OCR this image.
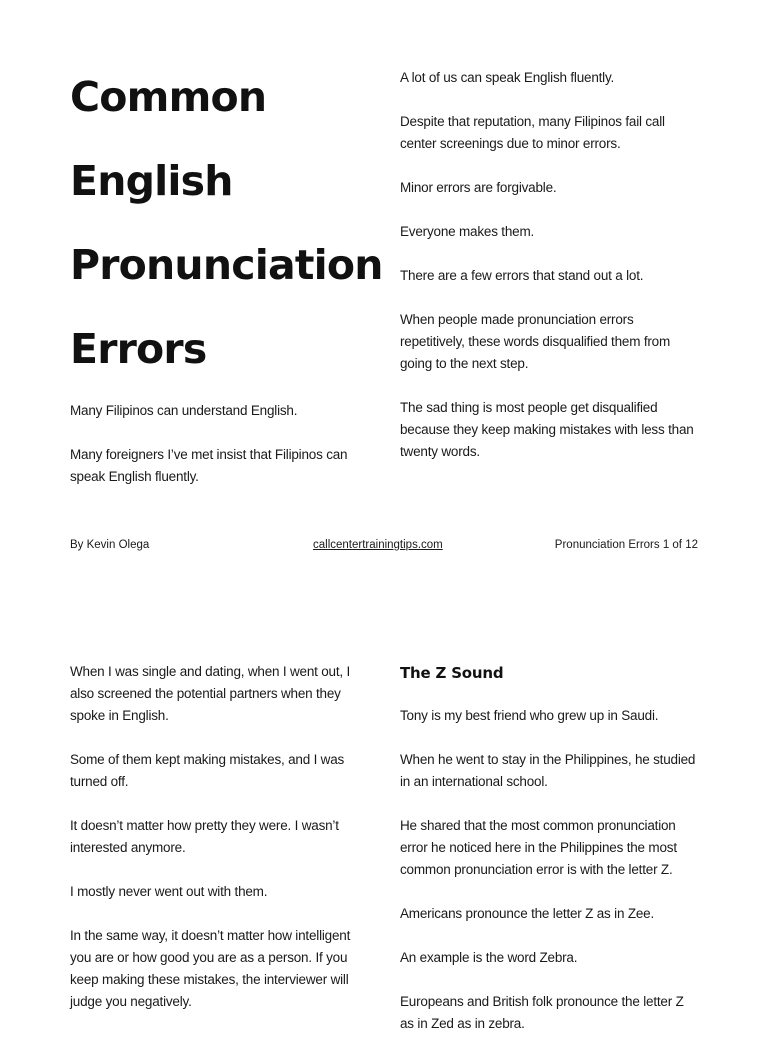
Common
English
Pronunciation
Errors

Many Filipinos can understand English.

Many foreigners I’ve met insist that Filipinos can speak English fluently.

A lot of us can speak English fluently.

Despite that reputation, many Filipinos fail call center screenings due to minor errors.

Minor errors are forgivable.

Everyone makes them.

There are a few errors that stand out a lot.

When people made pronunciation errors repetitively, these words disqualified them from going to the next step.

The sad thing is most people get disqualified because they keep making mistakes with less than twenty words.

By Kevin Olega	callcentertrainingtips.com	Pronunciation Errors 1 of 12

When I was single and dating, when I went out, I also screened the potential partners when they spoke in English.

Some of them kept making mistakes, and I was turned off.

It doesn’t matter how pretty they were. I wasn’t interested anymore.

I mostly never went out with them.

In the same way, it doesn’t matter how intelligent you are or how good you are as a person. If you keep making these mistakes, the interviewer will judge you negatively.

The Z Sound

Tony is my best friend who grew up in Saudi.

When he went to stay in the Philippines, he studied in an international school.

He shared that the most common pronunciation error he noticed here in the Philippines the most common pronunciation error is with the letter Z.

Americans pronounce the letter Z as in Zee.

An example is the word Zebra.

Europeans and British folk pronounce the letter Z as in Zed as in zebra.
